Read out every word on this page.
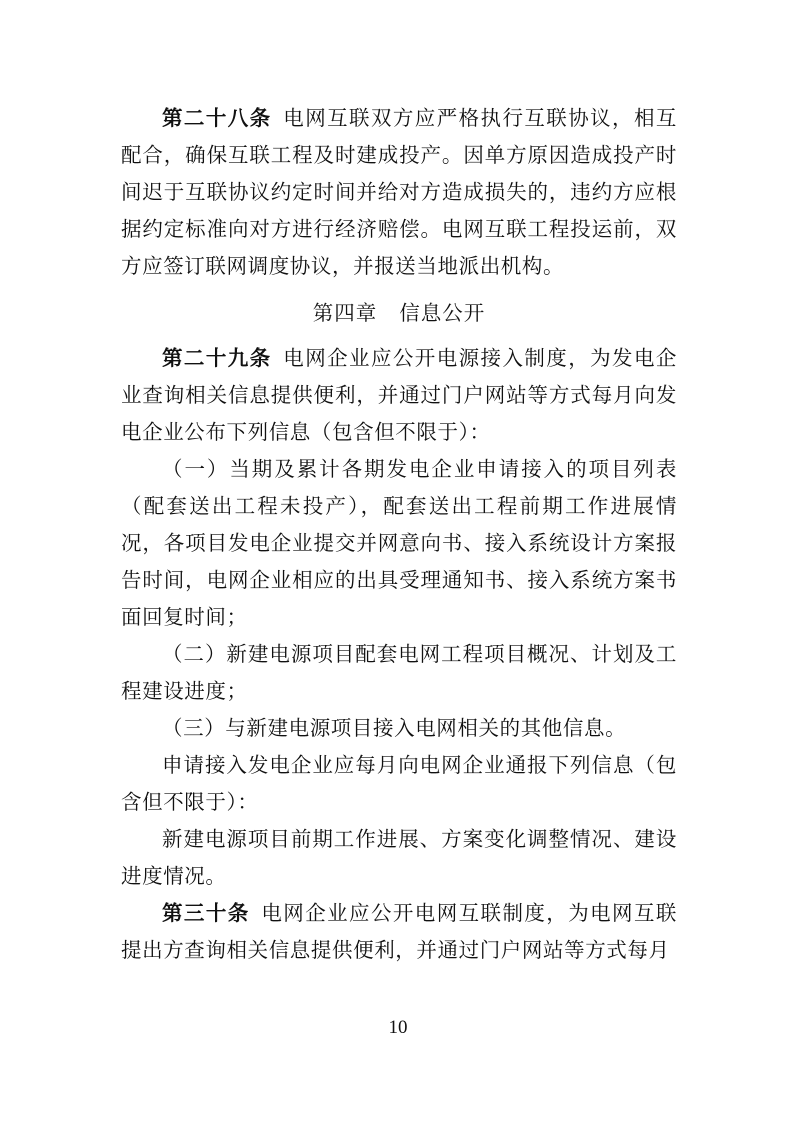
第二十八条  电网互联双方应严格执行互联协议，相互配合，确保互联工程及时建成投产。因单方原因造成投产时间迟于互联协议约定时间并给对方造成损失的，违约方应根据约定标准向对方进行经济赔偿。电网互联工程投运前，双方应签订联网调度协议，并报送当地派出机构。

第四章 信息公开

第二十九条  电网企业应公开电源接入制度，为发电企业查询相关信息提供便利，并通过门户网站等方式每月向发电企业公布下列信息（包含但不限于）：

（一）当期及累计各期发电企业申请接入的项目列表（配套送出工程未投产），配套送出工程前期工作进展情况，各项目发电企业提交并网意向书、接入系统设计方案报告时间，电网企业相应的出具受理通知书、接入系统方案书面回复时间；

（二）新建电源项目配套电网工程项目概况、计划及工程建设进度；

（三）与新建电源项目接入电网相关的其他信息。

申请接入发电企业应每月向电网企业通报下列信息（包含但不限于）：

新建电源项目前期工作进展、方案变化调整情况、建设进度情况。

第三十条  电网企业应公开电网互联制度，为电网互联提出方查询相关信息提供便利，并通过门户网站等方式每月

10
